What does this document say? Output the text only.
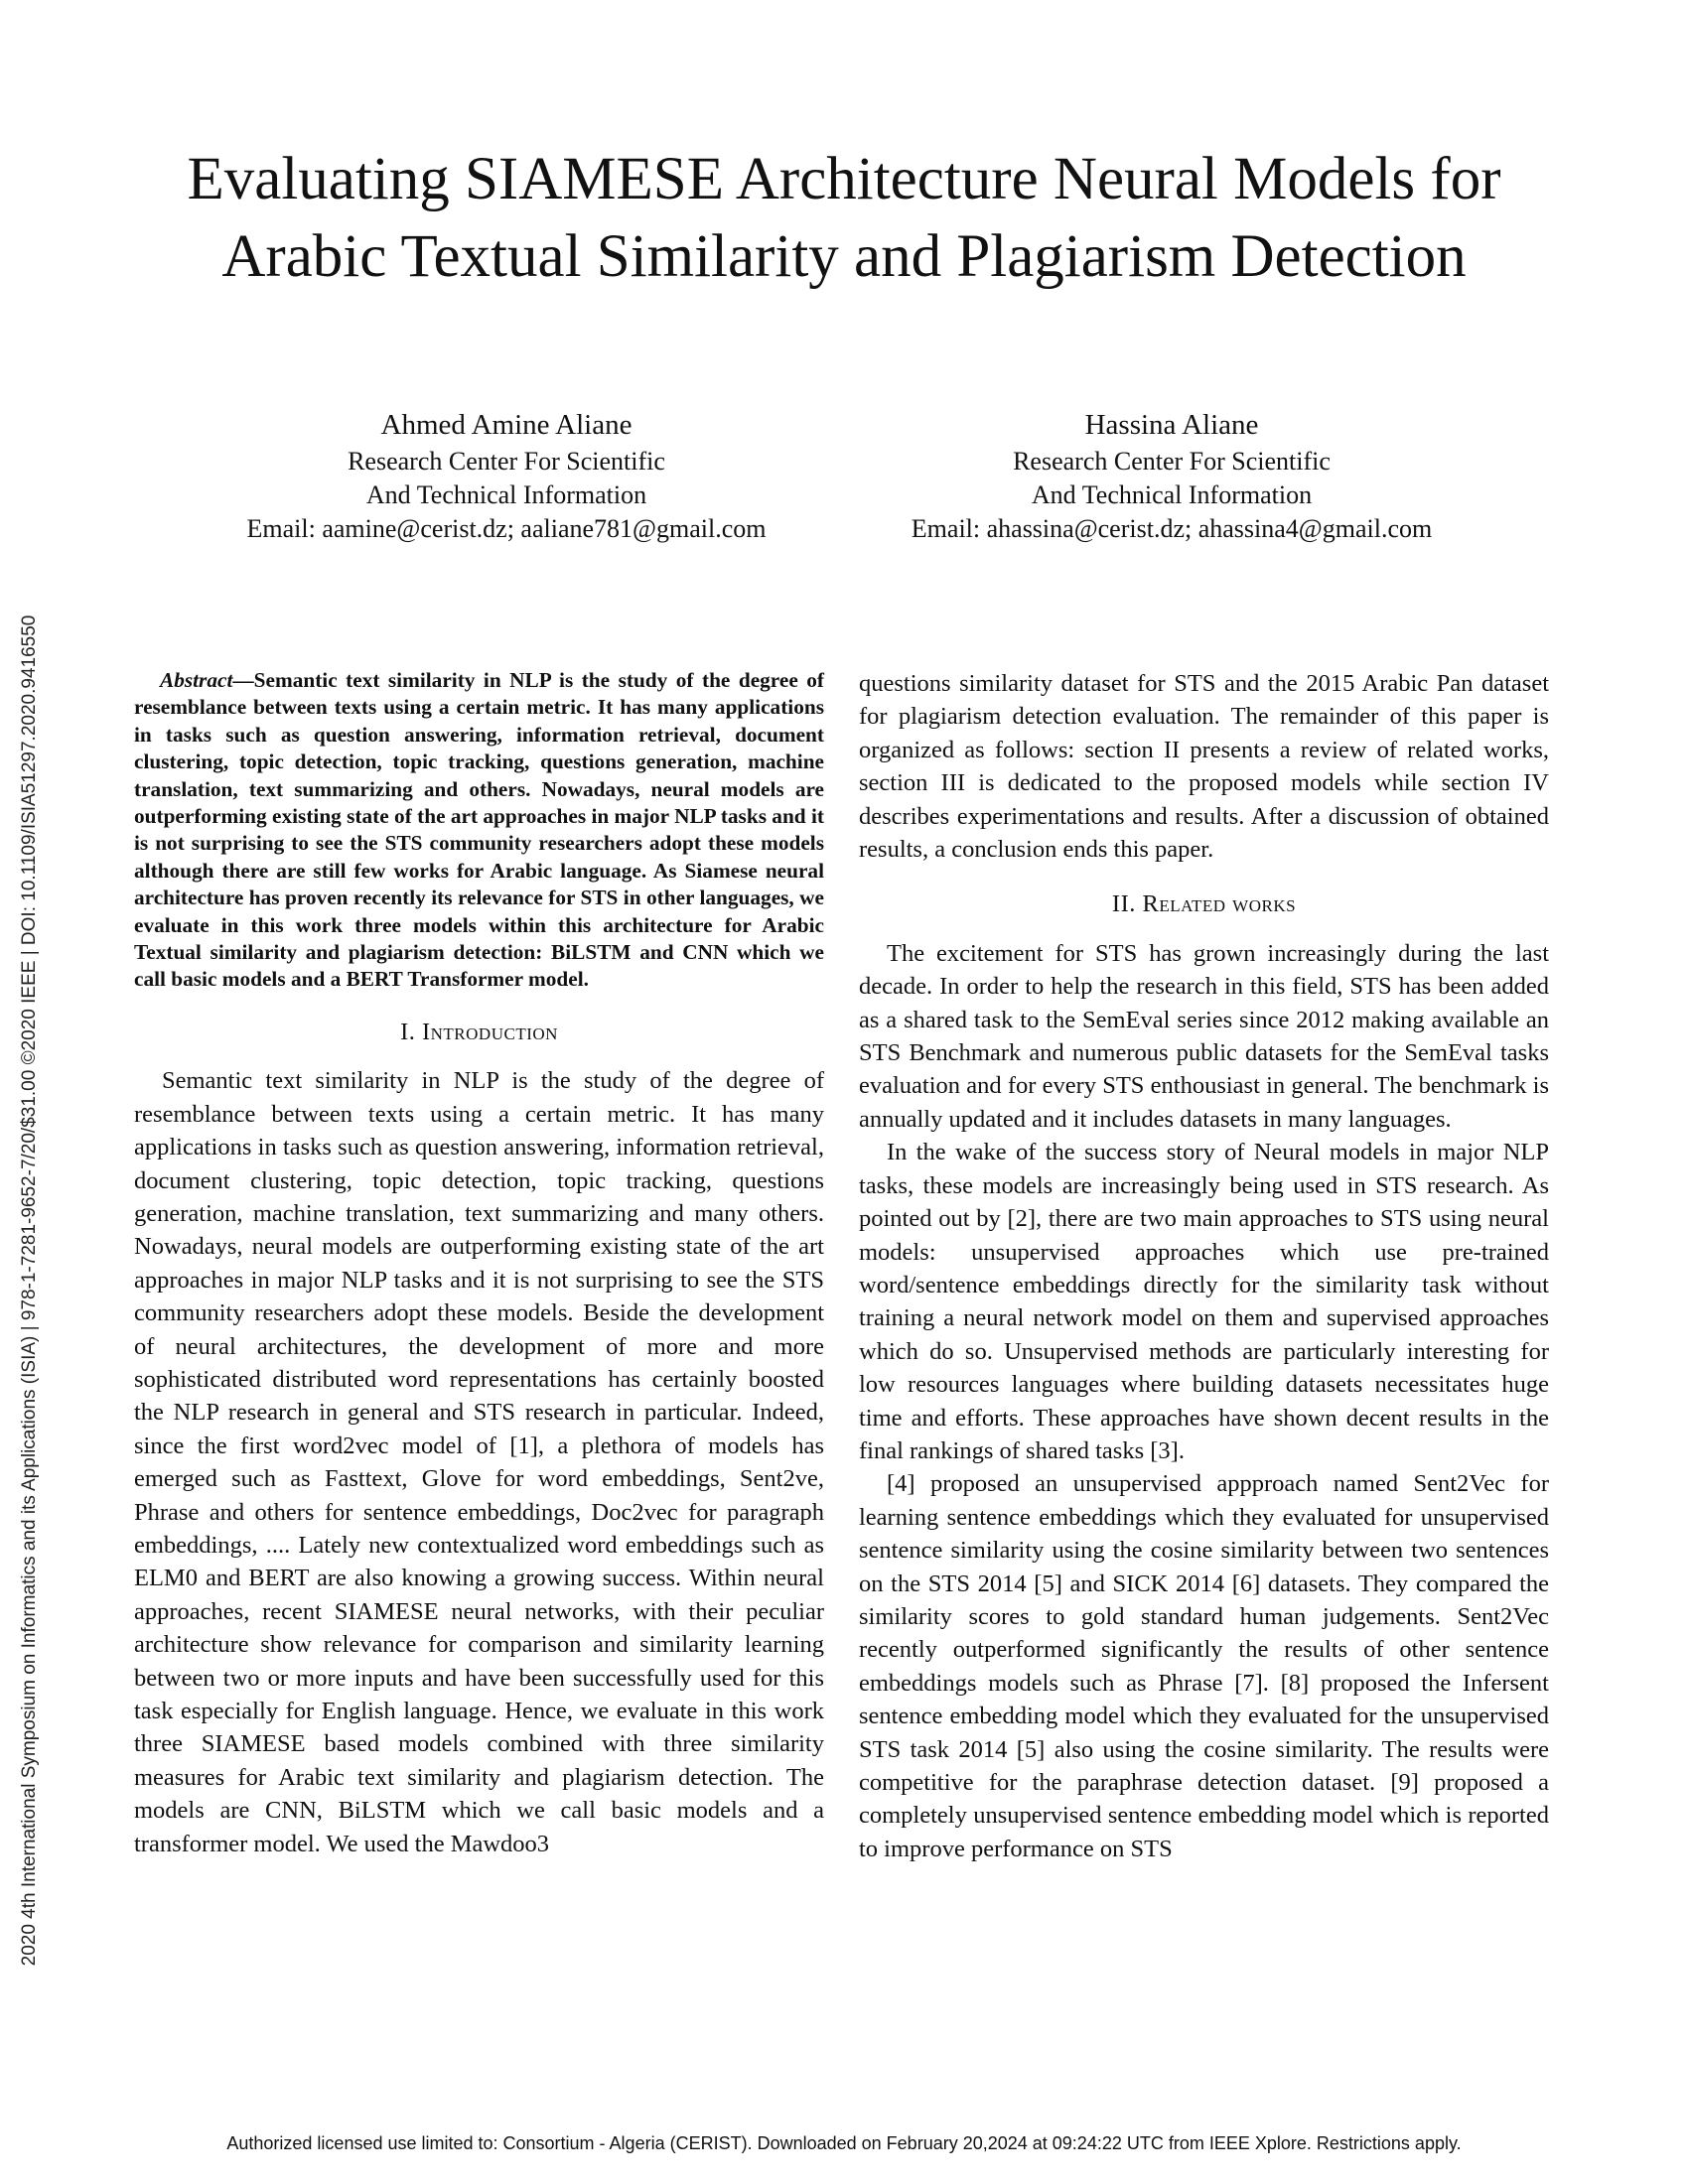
2020 4th International Symposium on Informatics and its Applications (ISIA) | 978-1-7281-9652-7/20/$31.00 ©2020 IEEE | DOI: 10.1109/ISIA51297.2020.9416550
Evaluating SIAMESE Architecture Neural Models for Arabic Textual Similarity and Plagiarism Detection
Ahmed Amine Aliane
Research Center For Scientific
And Technical Information
Email: aamine@cerist.dz; aaliane781@gmail.com
Hassina Aliane
Research Center For Scientific
And Technical Information
Email: ahassina@cerist.dz; ahassina4@gmail.com

Abstract—Semantic text similarity in NLP is the study of the degree of resemblance between texts using a certain metric. It has many applications in tasks such as question answering, information retrieval, document clustering, topic detection, topic tracking, questions generation, machine translation, text summarizing and others. Nowadays, neural models are outperforming existing state of the art approaches in major NLP tasks and it is not surprising to see the STS community researchers adopt these models although there are still few works for Arabic language. As Siamese neural architecture has proven recently its relevance for STS in other languages, we evaluate in this work three models within this architecture for Arabic Textual similarity and plagiarism detection: BiLSTM and CNN which we call basic models and a BERT Transformer model.

I. Introduction

Semantic text similarity in NLP is the study of the degree of resemblance between texts using a certain metric. It has many applications in tasks such as question answering, information retrieval, document clustering, topic detection, topic tracking, questions generation, machine translation, text summarizing and many others. Nowadays, neural models are outperforming existing state of the art approaches in major NLP tasks and it is not surprising to see the STS community researchers adopt these models. Beside the development of neural architectures, the development of more and more sophisticated distributed word representations has certainly boosted the NLP research in general and STS research in particular. Indeed, since the first word2vec model of [1], a plethora of models has emerged such as Fasttext, Glove for word embeddings, Sent2ve, Phrase and others for sentence embeddings, Doc2vec for paragraph embeddings, .... Lately new contextualized word embeddings such as ELM0 and BERT are also knowing a growing success. Within neural approaches, recent SIAMESE neural networks, with their peculiar architecture show relevance for comparison and similarity learning between two or more inputs and have been successfully used for this task especially for English language. Hence, we evaluate in this work three SIAMESE based models combined with three similarity measures for Arabic text similarity and plagiarism detection. The models are CNN, BiLSTM which we call basic models and a transformer model. We used the Mawdoo3

questions similarity dataset for STS and the 2015 Arabic Pan dataset for plagiarism detection evaluation. The remainder of this paper is organized as follows: section II presents a review of related works, section III is dedicated to the proposed models while section IV describes experimentations and results. After a discussion of obtained results, a conclusion ends this paper.

II. Related works

The excitement for STS has grown increasingly during the last decade. In order to help the research in this field, STS has been added as a shared task to the SemEval series since 2012 making available an STS Benchmark and numerous public datasets for the SemEval tasks evaluation and for every STS enthousiast in general. The benchmark is annually updated and it includes datasets in many languages.

In the wake of the success story of Neural models in major NLP tasks, these models are increasingly being used in STS research. As pointed out by [2], there are two main approaches to STS using neural models: unsupervised approaches which use pre-trained word/sentence embeddings directly for the similarity task without training a neural network model on them and supervised approaches which do so. Unsupervised methods are particularly interesting for low resources languages where building datasets necessitates huge time and efforts. These approaches have shown decent results in the final rankings of shared tasks [3].

[4] proposed an unsupervised appproach named Sent2Vec for learning sentence embeddings which they evaluated for unsupervised sentence similarity using the cosine similarity between two sentences on the STS 2014 [5] and SICK 2014 [6] datasets. They compared the similarity scores to gold standard human judgements. Sent2Vec recently outperformed significantly the results of other sentence embeddings models such as Phrase [7]. [8] proposed the Infersent sentence embedding model which they evaluated for the unsupervised STS task 2014 [5] also using the cosine similarity. The results were competitive for the paraphrase detection dataset. [9] proposed a completely unsupervised sentence embedding model which is reported to improve performance on STS

Authorized licensed use limited to: Consortium - Algeria (CERIST). Downloaded on February 20,2024 at 09:24:22 UTC from IEEE Xplore. Restrictions apply.
